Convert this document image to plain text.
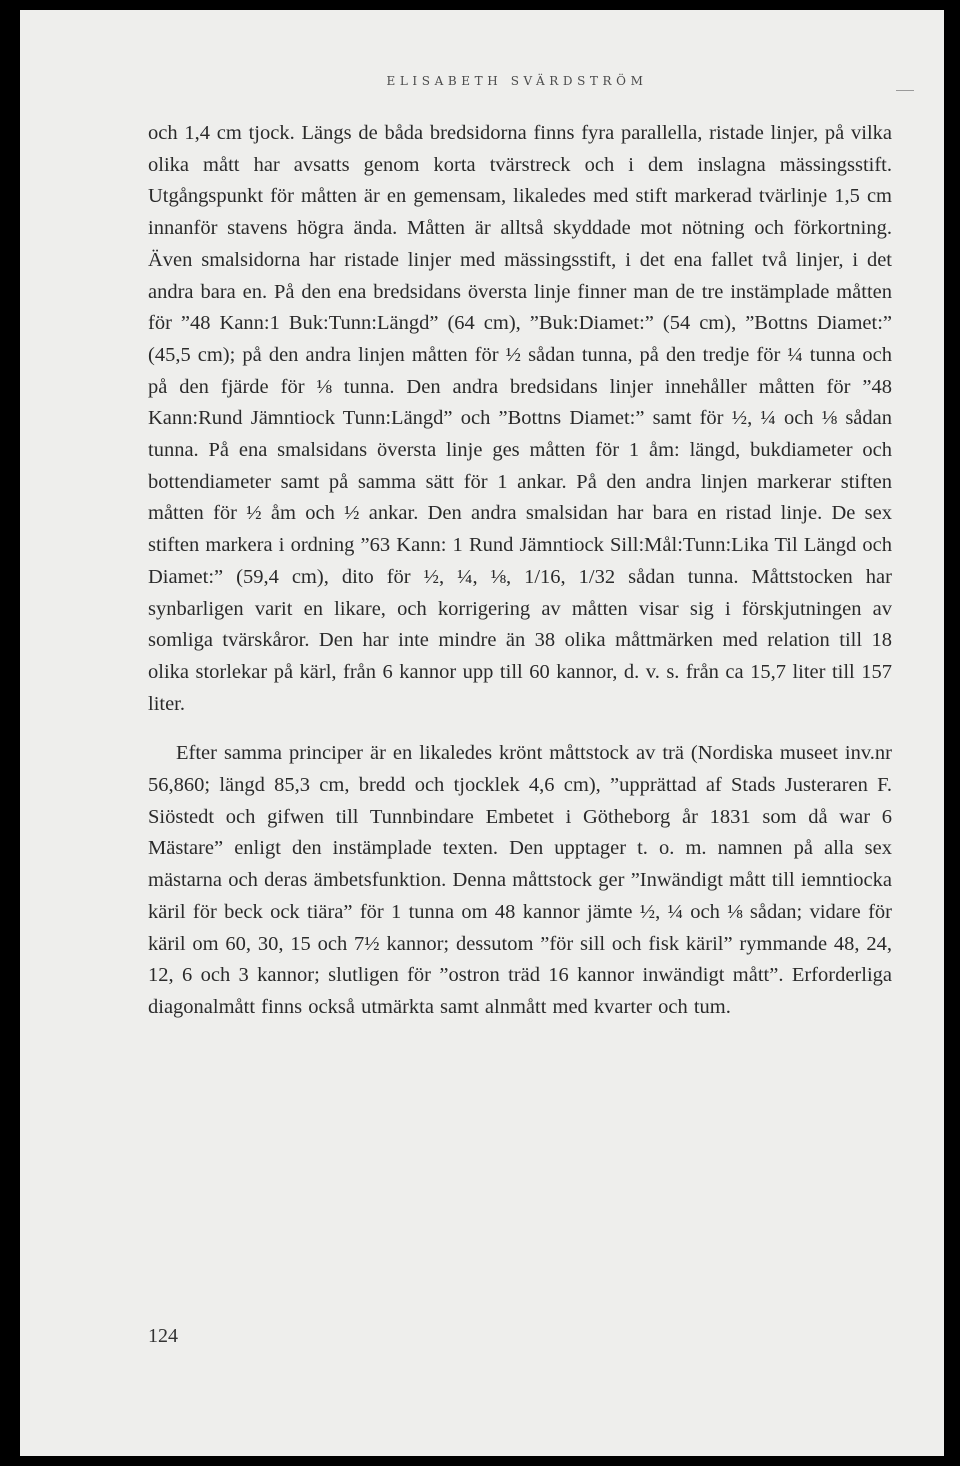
ELISABETH SVÄRDSTRÖM

och 1,4 cm tjock. Längs de båda bredsidorna finns fyra parallella, ristade linjer, på vilka olika mått har avsatts genom korta tvärstreck och i dem inslagna mässingsstift. Utgångspunkt för måtten är en gemensam, likaledes med stift markerad tvärlinje 1,5 cm innanför stavens högra ända. Måtten är alltså skyddade mot nötning och förkortning. Även smalsidorna har ristade linjer med mässingsstift, i det ena fallet två linjer, i det andra bara en. På den ena bredsidans översta linje finner man de tre instämplade måtten för ”48 Kann:1 Buk:Tunn:Längd” (64 cm), ”Buk:Diamet:” (54 cm), ”Bottns Diamet:” (45,5 cm); på den andra linjen måtten för ½ sådan tunna, på den tredje för ¼ tunna och på den fjärde för ⅛ tunna. Den andra bredsidans linjer innehåller måtten för ”48 Kann:Rund Jämntiock Tunn:Längd” och ”Bottns Diamet:” samt för ½, ¼ och ⅛ sådan tunna. På ena smalsidans översta linje ges måtten för 1 åm: längd, bukdiameter och bottendiameter samt på samma sätt för 1 ankar. På den andra linjen markerar stiften måtten för ½ åm och ½ ankar. Den andra smalsidan har bara en ristad linje. De sex stiften markera i ordning ”63 Kann: 1 Rund Jämntiock Sill:Mål:Tunn:Lika Til Längd och Diamet:” (59,4 cm), dito för ½, ¼, ⅛, 1/16, 1/32 sådan tunna. Måttstocken har synbarligen varit en likare, och korrigering av måtten visar sig i förskjutningen av somliga tvärskåror. Den har inte mindre än 38 olika måttmärken med relation till 18 olika storlekar på kärl, från 6 kannor upp till 60 kannor, d. v. s. från ca 15,7 liter till 157 liter.

Efter samma principer är en likaledes krönt måttstock av trä (Nordiska museet inv.nr 56,860; längd 85,3 cm, bredd och tjocklek 4,6 cm), ”upprättad af Stads Justeraren F. Siöstedt och gifwen till Tunnbindare Embetet i Götheborg år 1831 som då war 6 Mästare” enligt den instämplade texten. Den upptager t. o. m. namnen på alla sex mästarna och deras ämbetsfunktion. Denna måttstock ger ”Inwändigt mått till iemntiocka käril för beck ock tiära” för 1 tunna om 48 kannor jämte ½, ¼ och ⅛ sådan; vidare för käril om 60, 30, 15 och 7½ kannor; dessutom ”för sill och fisk käril” rymmande 48, 24, 12, 6 och 3 kannor; slutligen för ”ostron träd 16 kannor inwändigt mått”. Erforderliga diagonalmått finns också utmärkta samt alnmått med kvarter och tum.

124
